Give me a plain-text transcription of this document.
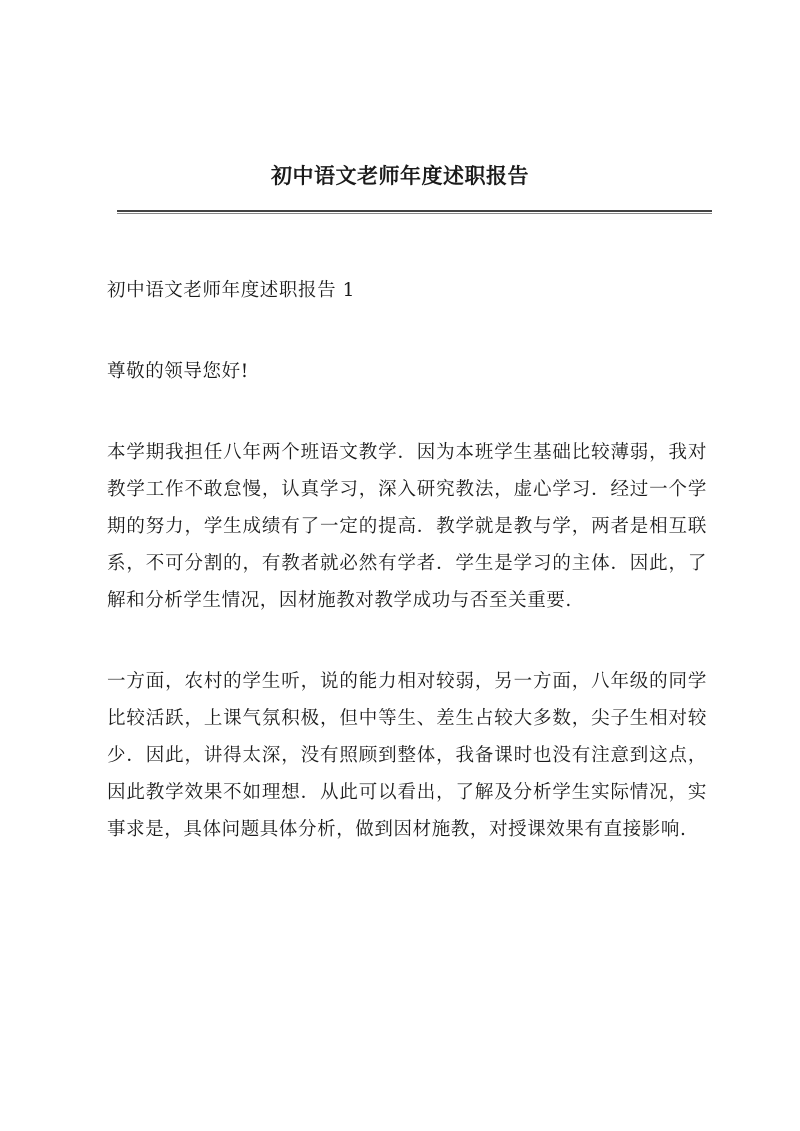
初中语文老师年度述职报告

初中语文老师年度述职报告 1

尊敬的领导您好!

本学期我担任八年两个班语文教学．因为本班学生基础比较薄弱，我对教学工作不敢怠慢，认真学习，深入研究教法，虚心学习．经过一个学期的努力，学生成绩有了一定的提高．教学就是教与学，两者是相互联系，不可分割的，有教者就必然有学者．学生是学习的主体．因此，了解和分析学生情况，因材施教对教学成功与否至关重要.

一方面，农村的学生听，说的能力相对较弱，另一方面，八年级的同学比较活跃，上课气氛积极，但中等生、差生占较大多数，尖子生相对较少．因此，讲得太深，没有照顾到整体，我备课时也没有注意到这点，因此教学效果不如理想．从此可以看出，了解及分析学生实际情况，实事求是，具体问题具体分析，做到因材施教，对授课效果有直接影响.
